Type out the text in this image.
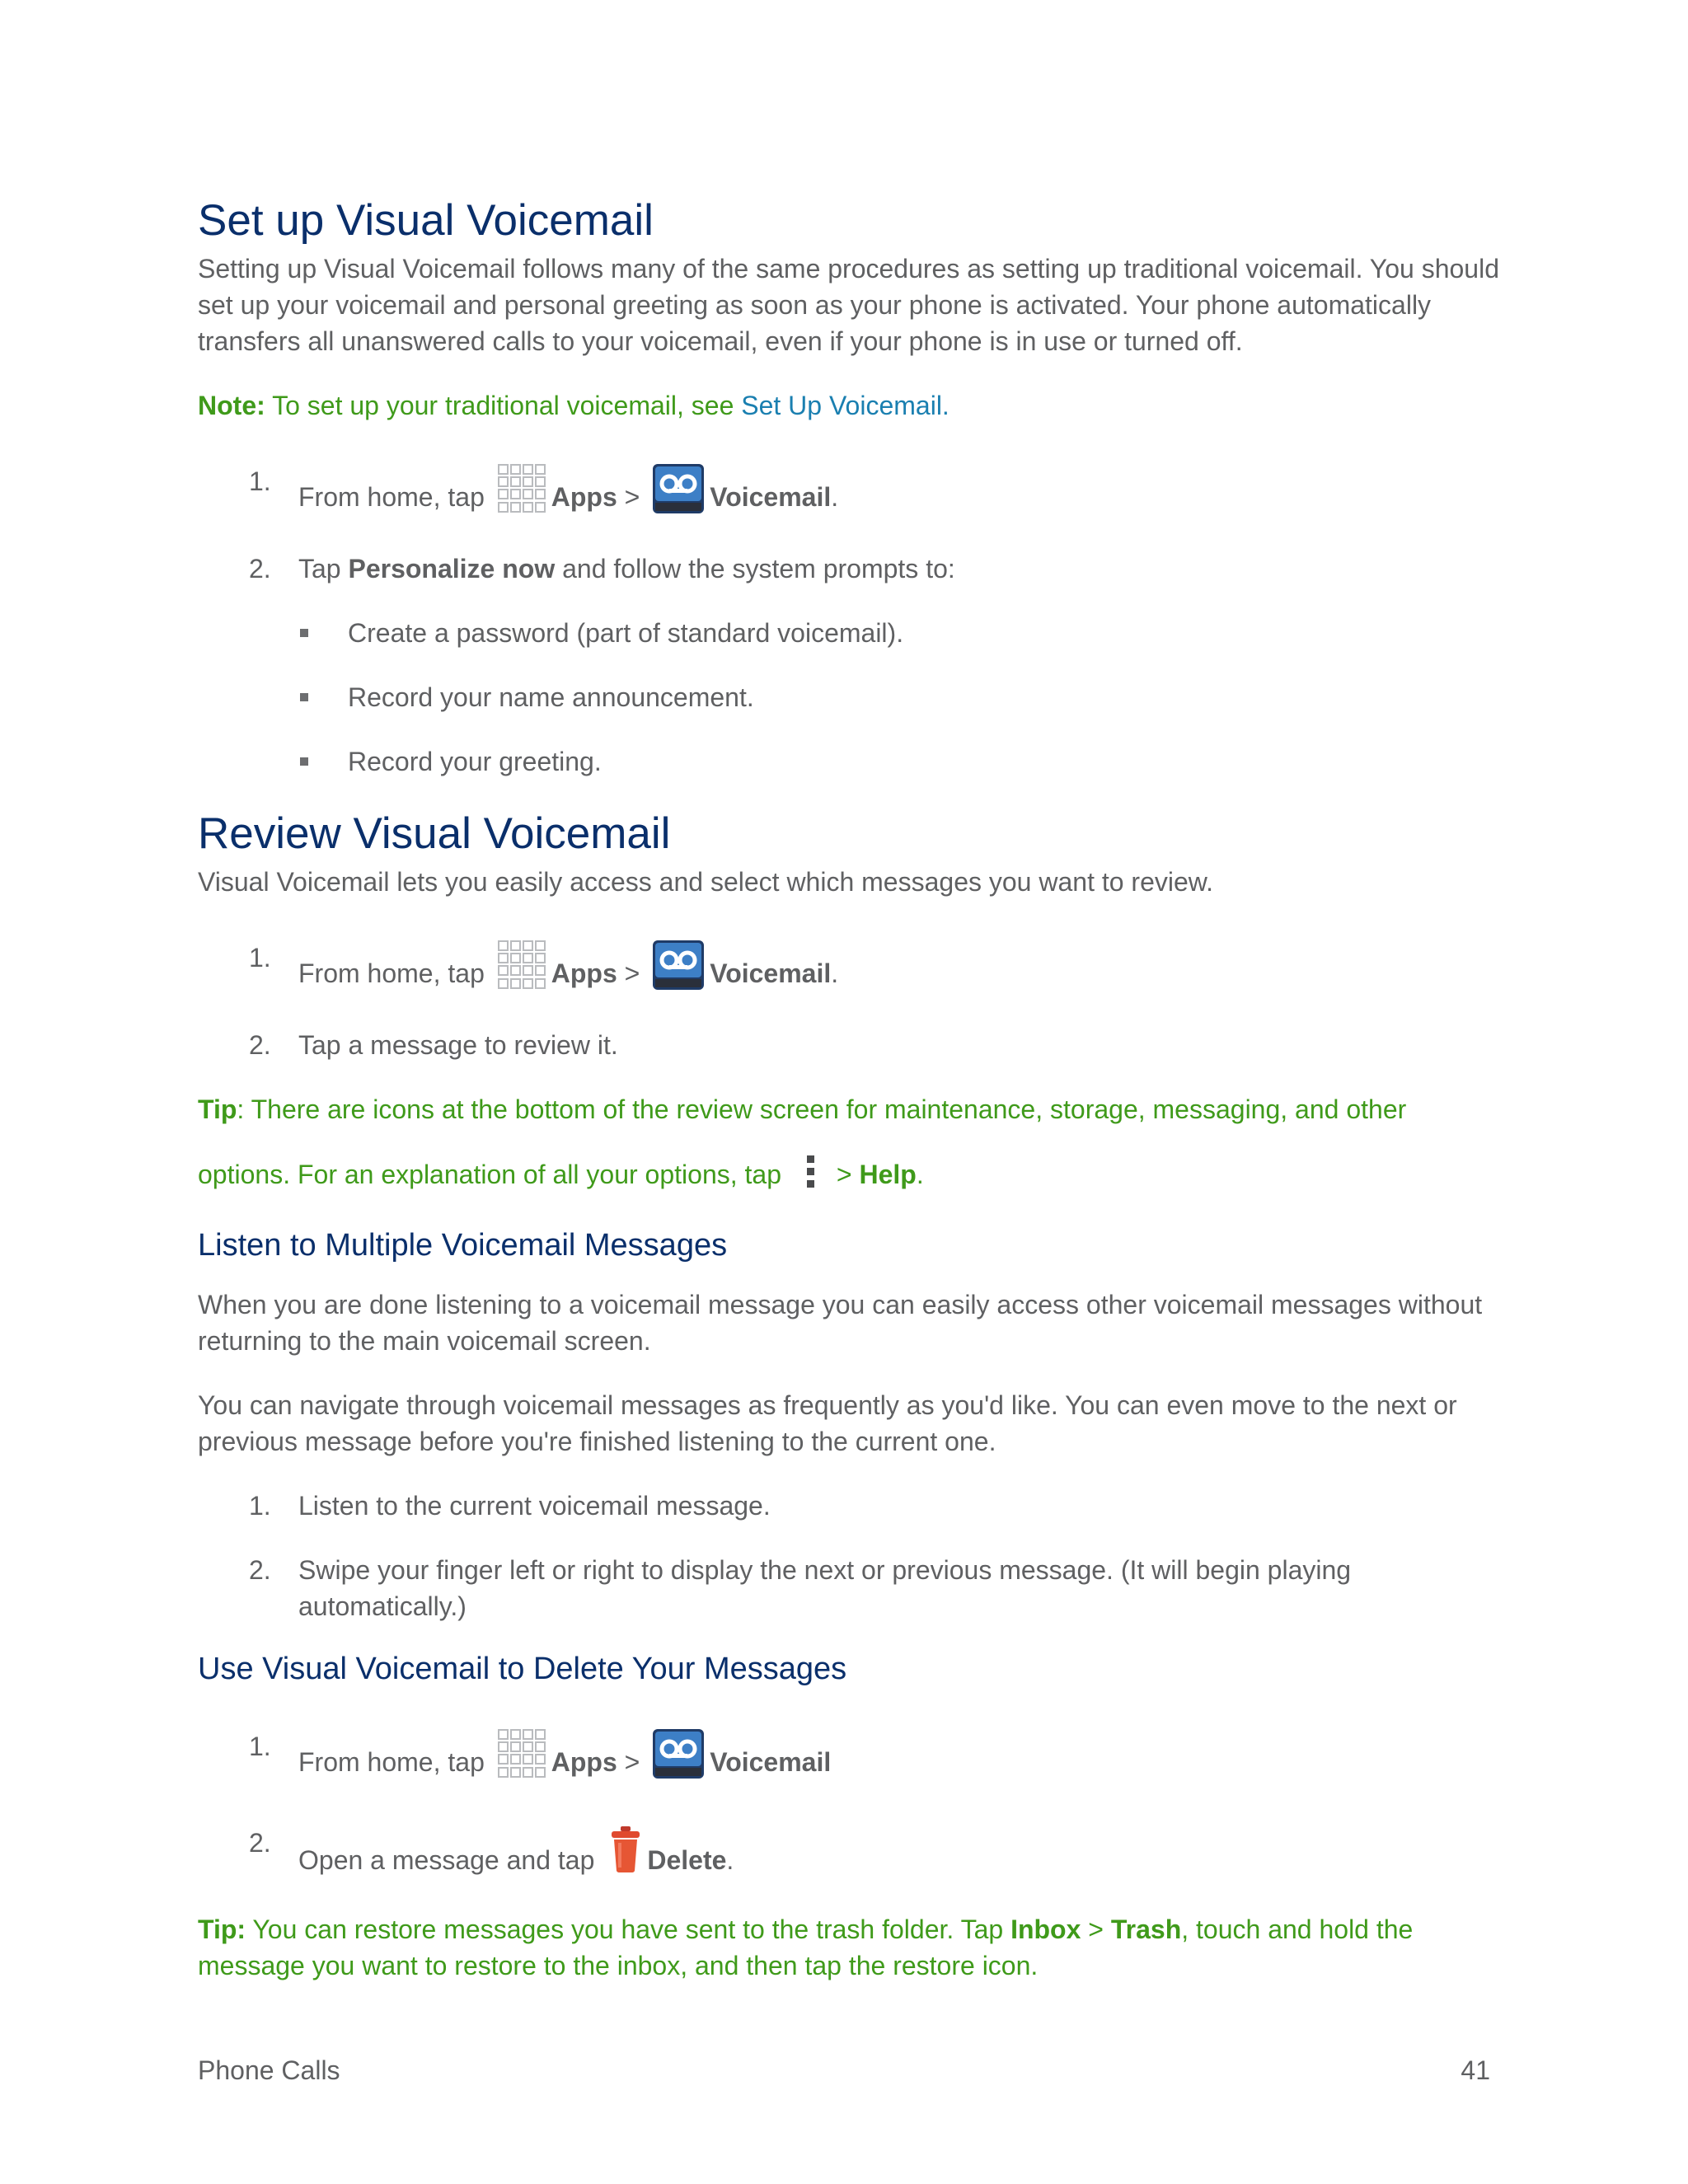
Set up Visual Voicemail

Setting up Visual Voicemail follows many of the same procedures as setting up traditional voicemail. You should set up your voicemail and personal greeting as soon as your phone is activated. Your phone automatically transfers all unanswered calls to your voicemail, even if your phone is in use or turned off.

Note: To set up your traditional voicemail, see Set Up Voicemail.

1.
From home, tap Apps > Voicemail.

2. Tap Personalize now and follow the system prompts to:

Create a password (part of standard voicemail).

Record your name announcement.

Record your greeting.

Review Visual Voicemail

Visual Voicemail lets you easily access and select which messages you want to review.

1.
From home, tap Apps > Voicemail.

2. Tap a message to review it.

Tip: There are icons at the bottom of the review screen for maintenance, storage, messaging, and other

options. For an explanation of all your options, tap > Help.

Listen to Multiple Voicemail Messages

When you are done listening to a voicemail message you can easily access other voicemail messages without returning to the main voicemail screen.

You can navigate through voicemail messages as frequently as you'd like. You can even move to the next or previous message before you're finished listening to the current one.

1. Listen to the current voicemail message.

2. Swipe your finger left or right to display the next or previous message. (It will begin playing automatically.)

Use Visual Voicemail to Delete Your Messages

1.
From home, tap Apps > Voicemail

2.
Open a message and tap Delete.

Tip: You can restore messages you have sent to the trash folder. Tap Inbox > Trash, touch and hold the message you want to restore to the inbox, and then tap the restore icon.

Phone Calls	41
